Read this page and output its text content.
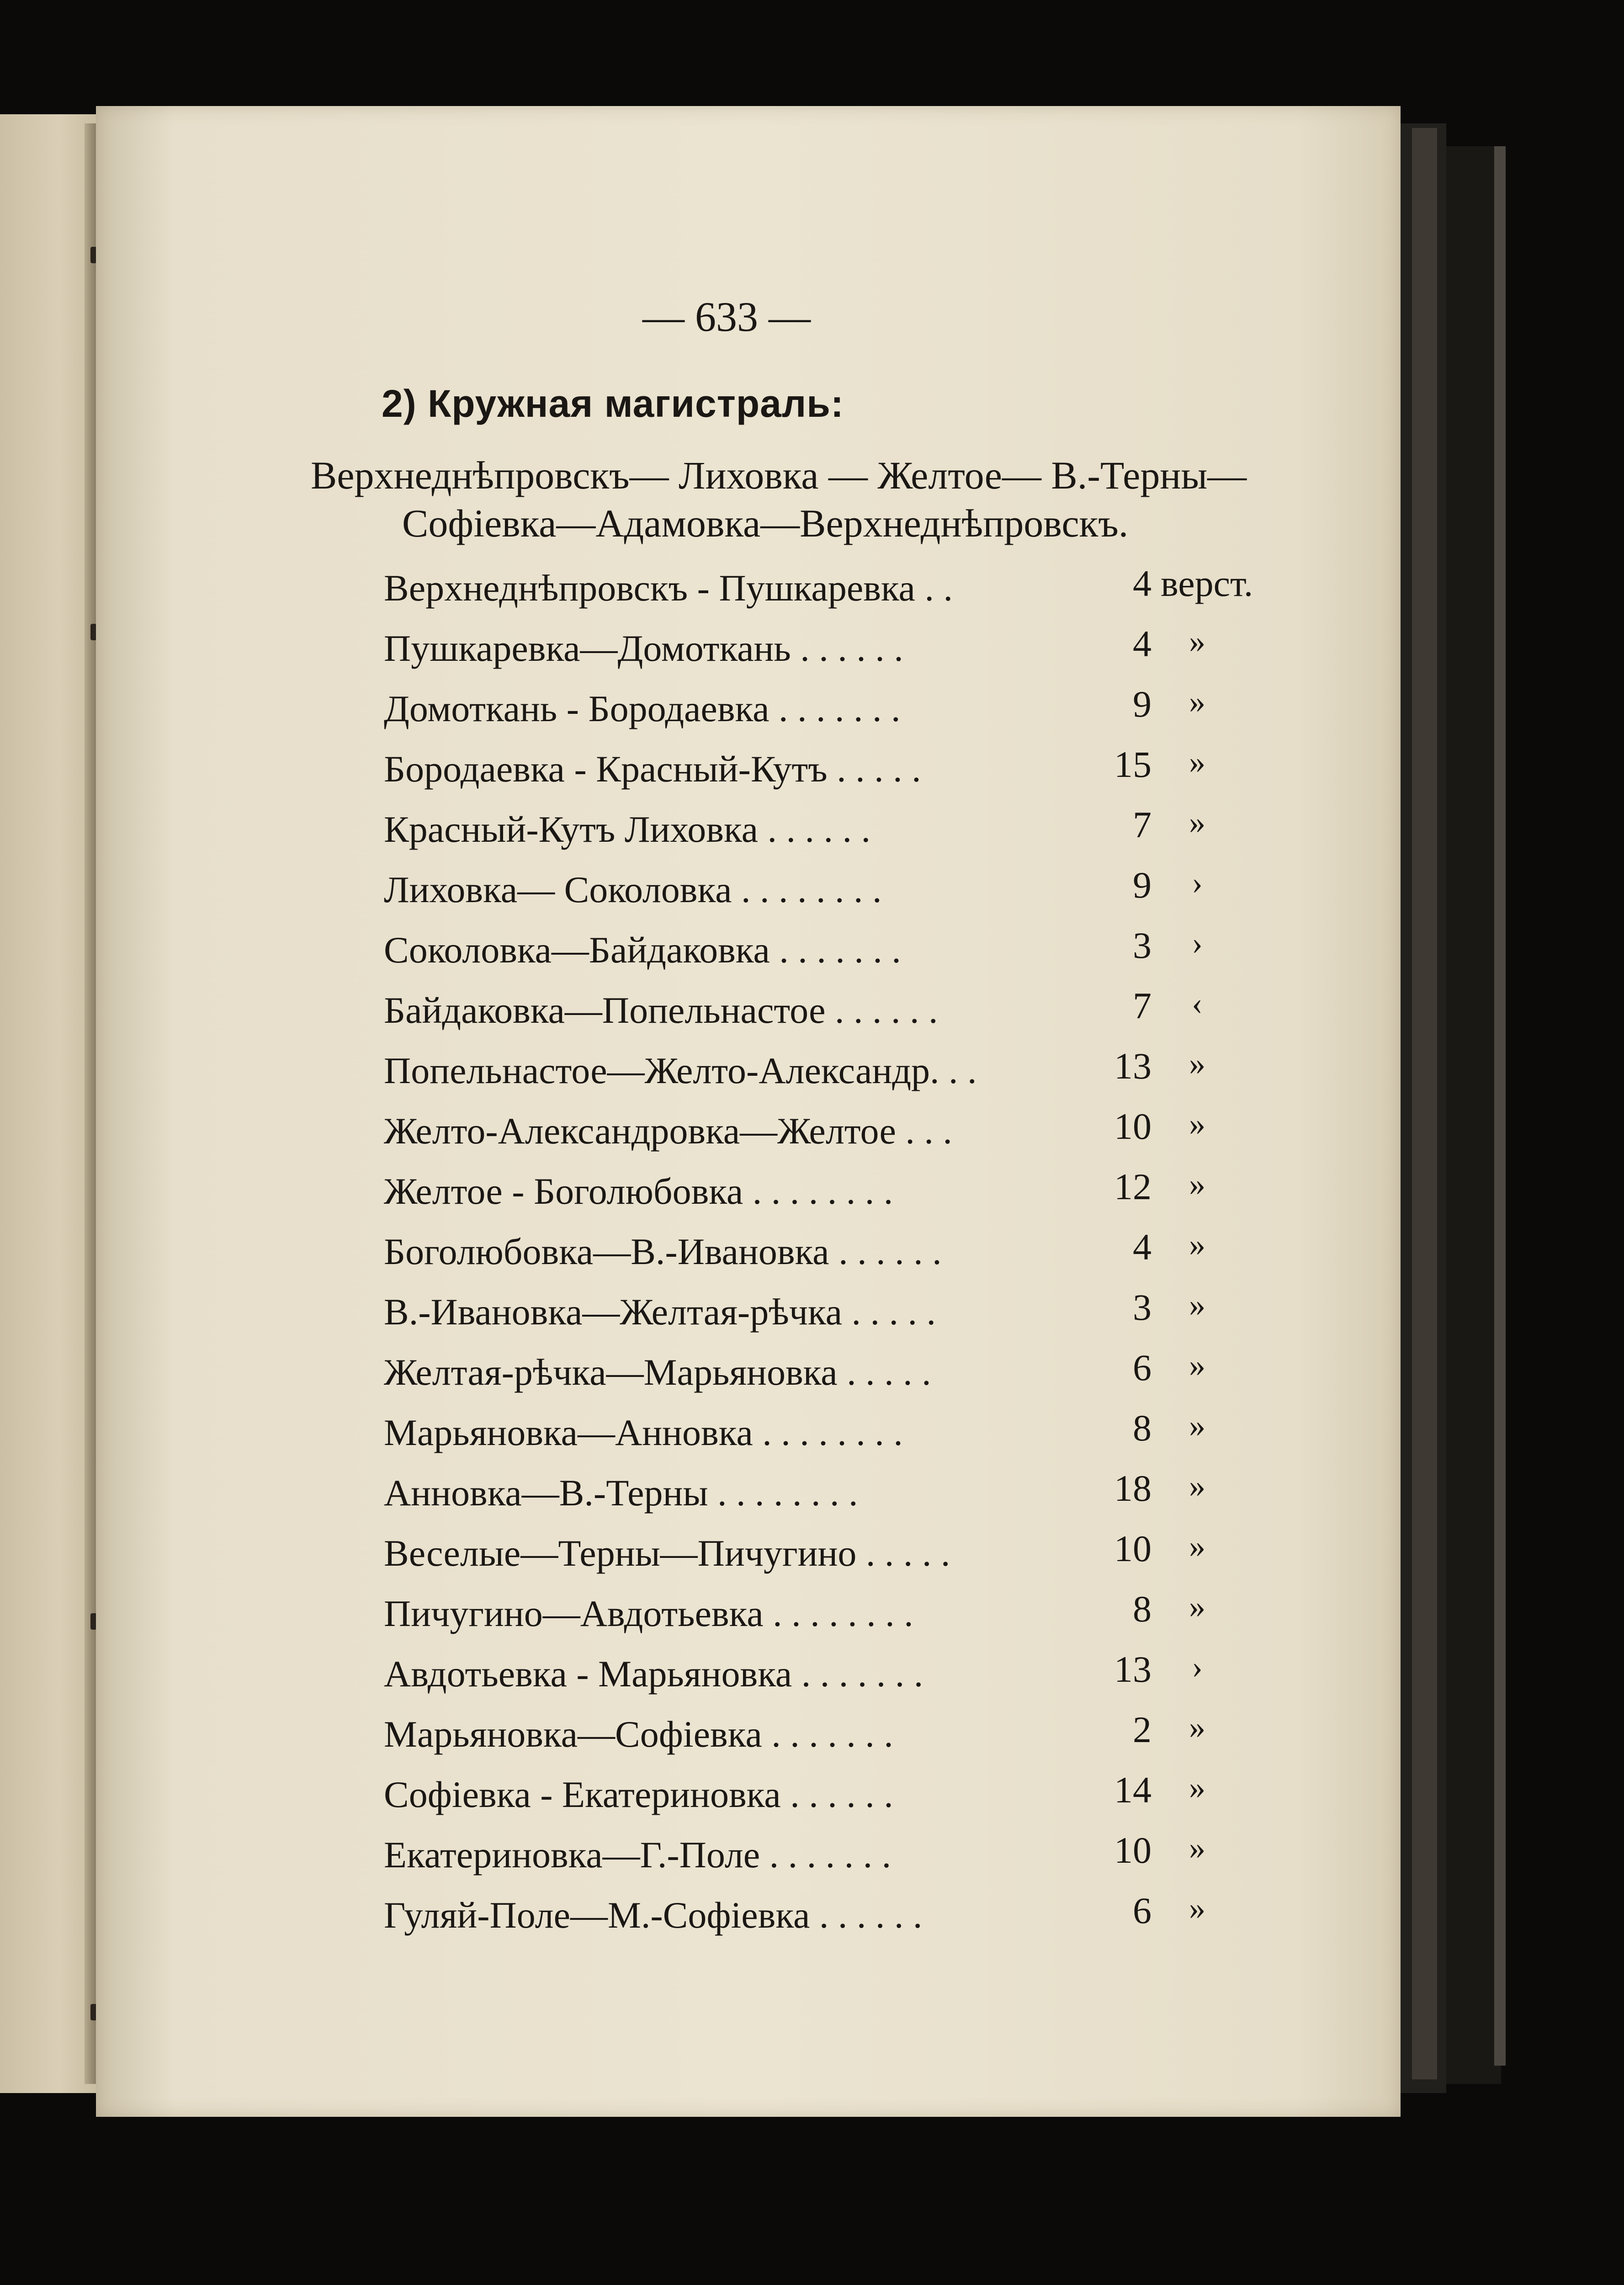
— 633 —
2) Кружная магистраль:
Верхнеднѣпровскъ— Лиховка — Желтое— В.-Терны—
Софіевка—Адамовка—Верхнеднѣпровскъ.
Верхнеднѣпровскъ - Пушкаревка . .	4 верст.
Пушкаревка—Домоткань . . . . . .	4	»
Домоткань - Бородаевка . . . . . . .	9	»
Бородаевка - Красный-Кутъ . . . . .	15	»
Красный-Кутъ Лиховка . . . . . .	7	»
Лиховка— Соколовка . . . . . . . .	9	›
Соколовка—Байдаковка . . . . . . .	3	›
Байдаковка—Попельнастое . . . . . .	7	‹
Попельнастое—Желто-Александр. . .	13	»
Желто-Александровка—Желтое . . .	10	»
Желтое - Боголюбовка . . . . . . . .	12	»
Боголюбовка—В.-Ивановка . . . . . .	4	»
В.-Ивановка—Желтая-рѣчка . . . . .	3	»
Желтая-рѣчка—Марьяновка . . . . .	6	»
Марьяновка—Анновка . . . . . . . .	8	»
Анновка—В.-Терны . . . . . . . .	18	»
Веселые—Терны—Пичугино . . . . .	10	»
Пичугино—Авдотьевка . . . . . . . .	8	»
Авдотьевка - Марьяновка . . . . . . .	13	›
Марьяновка—Софіевка . . . . . . .	2	»
Софіевка - Екатериновка . . . . . .	14	»
Екатериновка—Г.-Поле . . . . . . .	10	»
Гуляй-Поле—М.-Софіевка . . . . . .	6	»
